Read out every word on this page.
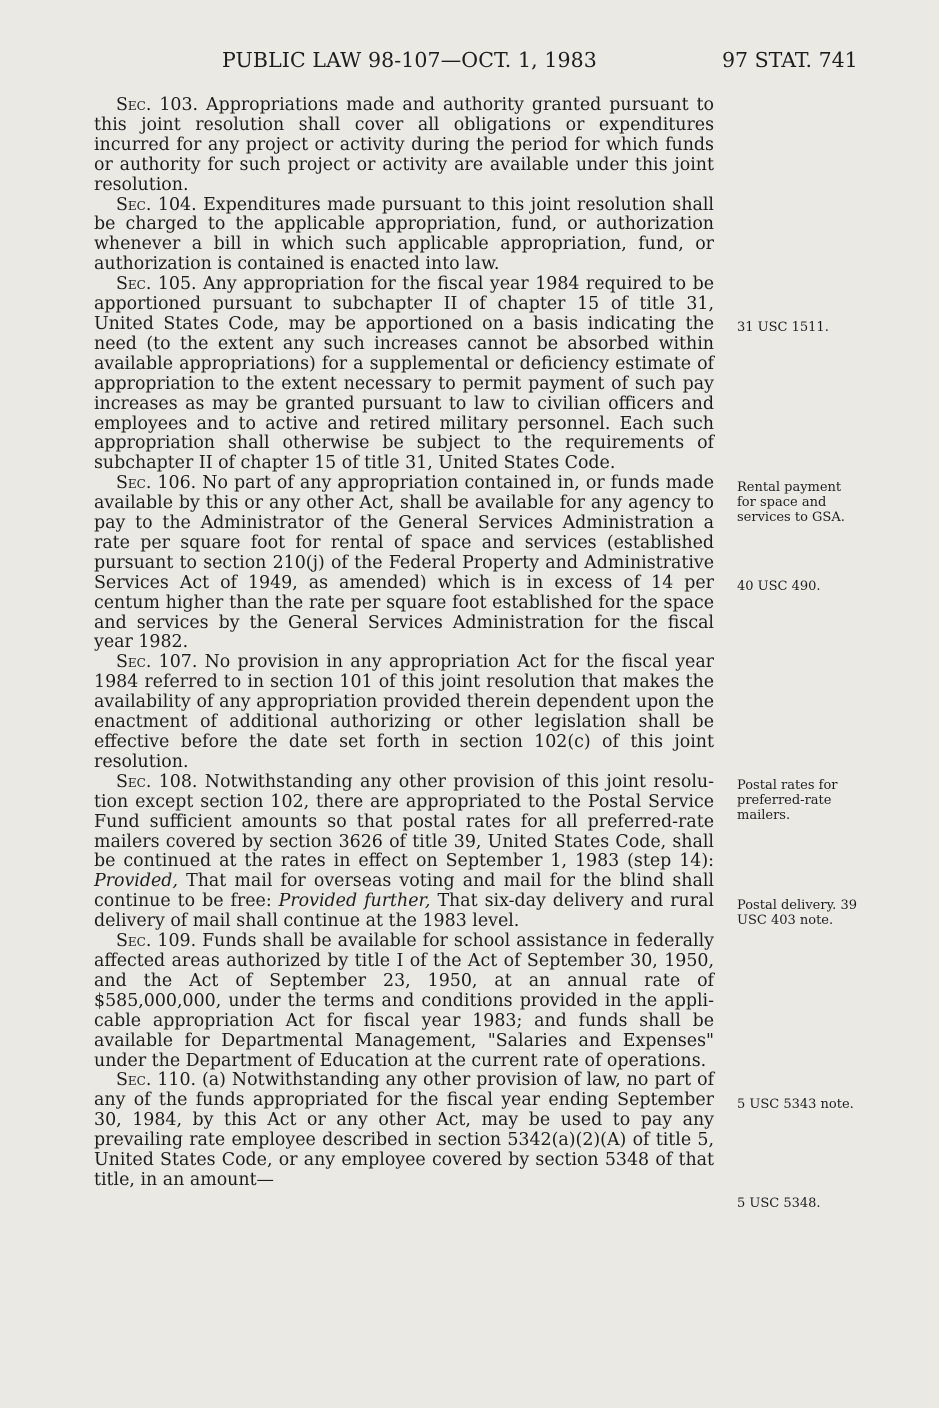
PUBLIC LAW 98-107—OCT. 1, 1983	97 STAT. 741

Sec. 103. Appropriations made and authority granted pursuant to this joint resolution shall cover all obligations or expenditures incurred for any project or activity during the period for which funds or authority for such project or activity are available under this joint resolution.

Sec. 104. Expenditures made pursuant to this joint resolution shall be charged to the applicable appropriation, fund, or authorization whenever a bill in which such applicable appropriation, fund, or authorization is contained is enacted into law.

Sec. 105. Any appropriation for the fiscal year 1984 required to be apportioned pursuant to subchapter II of chapter 15 of title 31, United States Code, may be apportioned on a basis indicating the need (to the extent any such increases cannot be absorbed within available appropriations) for a supplemental or deficiency estimate of appropriation to the extent necessary to permit payment of such pay increases as may be granted pursuant to law to civilian officers and employees and to active and retired military personnel. Each such appropriation shall otherwise be subject to the requirements of subchapter II of chapter 15 of title 31, United States Code.

Sec. 106. No part of any appropriation contained in, or funds made available by this or any other Act, shall be available for any agency to pay to the Administrator of the General Services Administration a rate per square foot for rental of space and services (established pursuant to section 210(j) of the Federal Property and Administrative Services Act of 1949, as amended) which is in excess of 14 per centum higher than the rate per square foot established for the space and services by the General Services Administration for the fiscal year 1982.

Sec. 107. No provision in any appropriation Act for the fiscal year 1984 referred to in section 101 of this joint resolution that makes the availability of any appropriation provided therein dependent upon the enactment of additional authorizing or other legislation shall be effective before the date set forth in section 102(c) of this joint resolution.

Sec. 108. Notwithstanding any other provision of this joint resolution except section 102, there are appropriated to the Postal Service Fund sufficient amounts so that postal rates for all preferred-rate mailers covered by section 3626 of title 39, United States Code, shall be continued at the rates in effect on September 1, 1983 (step 14): Provided, That mail for overseas voting and mail for the blind shall continue to be free: Provided further, That six-day delivery and rural delivery of mail shall continue at the 1983 level.

Sec. 109. Funds shall be available for school assistance in federally affected areas authorized by title I of the Act of September 30, 1950, and the Act of September 23, 1950, at an annual rate of $585,000,000, under the terms and conditions provided in the applicable appropriation Act for fiscal year 1983; and funds shall be available for Departmental Management, "Salaries and Expenses" under the Department of Education at the current rate of operations.

Sec. 110. (a) Notwithstanding any other provision of law, no part of any of the funds appropriated for the fiscal year ending September 30, 1984, by this Act or any other Act, may be used to pay any prevailing rate employee described in section 5342(a)(2)(A) of title 5, United States Code, or any employee covered by section 5348 of that title, in an amount—

31 USC 1511.
Rental payment for space and services to GSA.
40 USC 490.
Postal rates for preferred-rate mailers.
Postal delivery. 39 USC 403 note.
5 USC 5343 note.
5 USC 5348.
